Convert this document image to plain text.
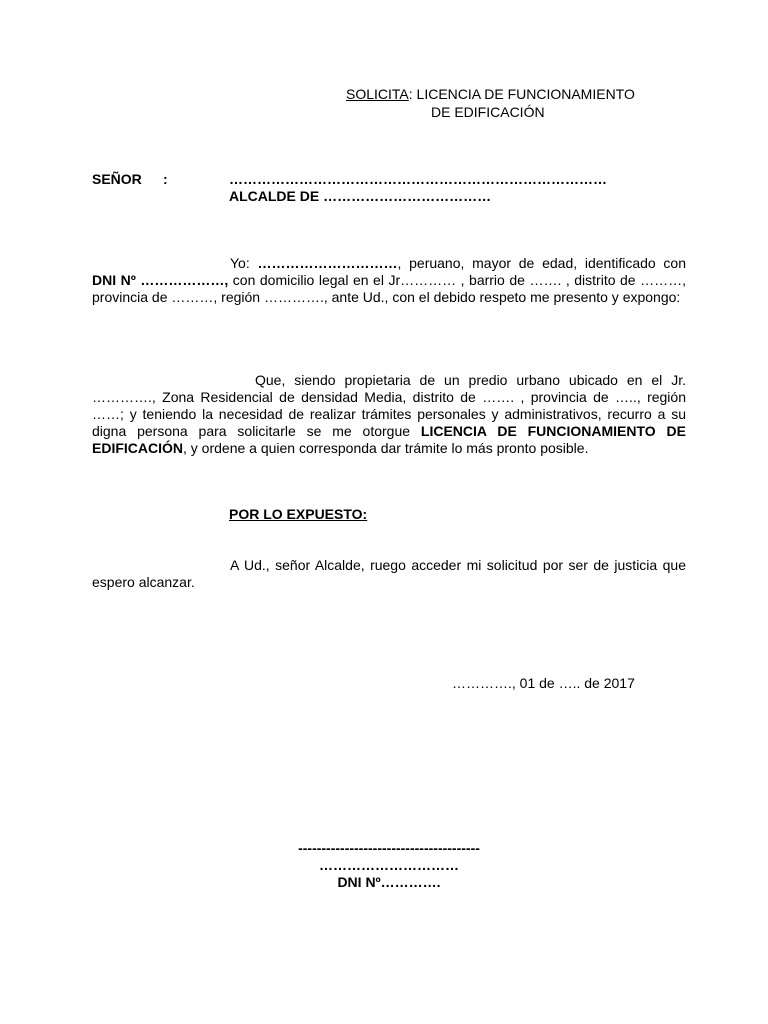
SOLICITA: LICENCIA DE FUNCIONAMIENTO
DE EDIFICACIÓN
SEÑOR :	………………………………………………………………………
ALCALDE DE ………………………………
Yo: …………………………, peruano, mayor de edad, identificado con DNI Nº ………………, con domicilio legal en el Jr………… , barrio de ……. , distrito de ………, provincia de ………, región …………., ante Ud., con el debido respeto me presento y expongo:
Que, siendo propietaria de un predio urbano ubicado en el Jr. …………., Zona Residencial de densidad Media, distrito de ……. , provincia de ….., región ……; y teniendo la necesidad de realizar trámites personales y administrativos, recurro a su digna persona para solicitarle se me otorgue LICENCIA DE FUNCIONAMIENTO DE EDIFICACIÓN, y ordene a quien corresponda dar trámite lo más pronto posible.
POR LO EXPUESTO:
A Ud., señor Alcalde, ruego acceder mi solicitud por ser de justicia que espero alcanzar.
…………., 01 de ….. de 2017
---------------------------------------
…………………………
DNI Nº………….
